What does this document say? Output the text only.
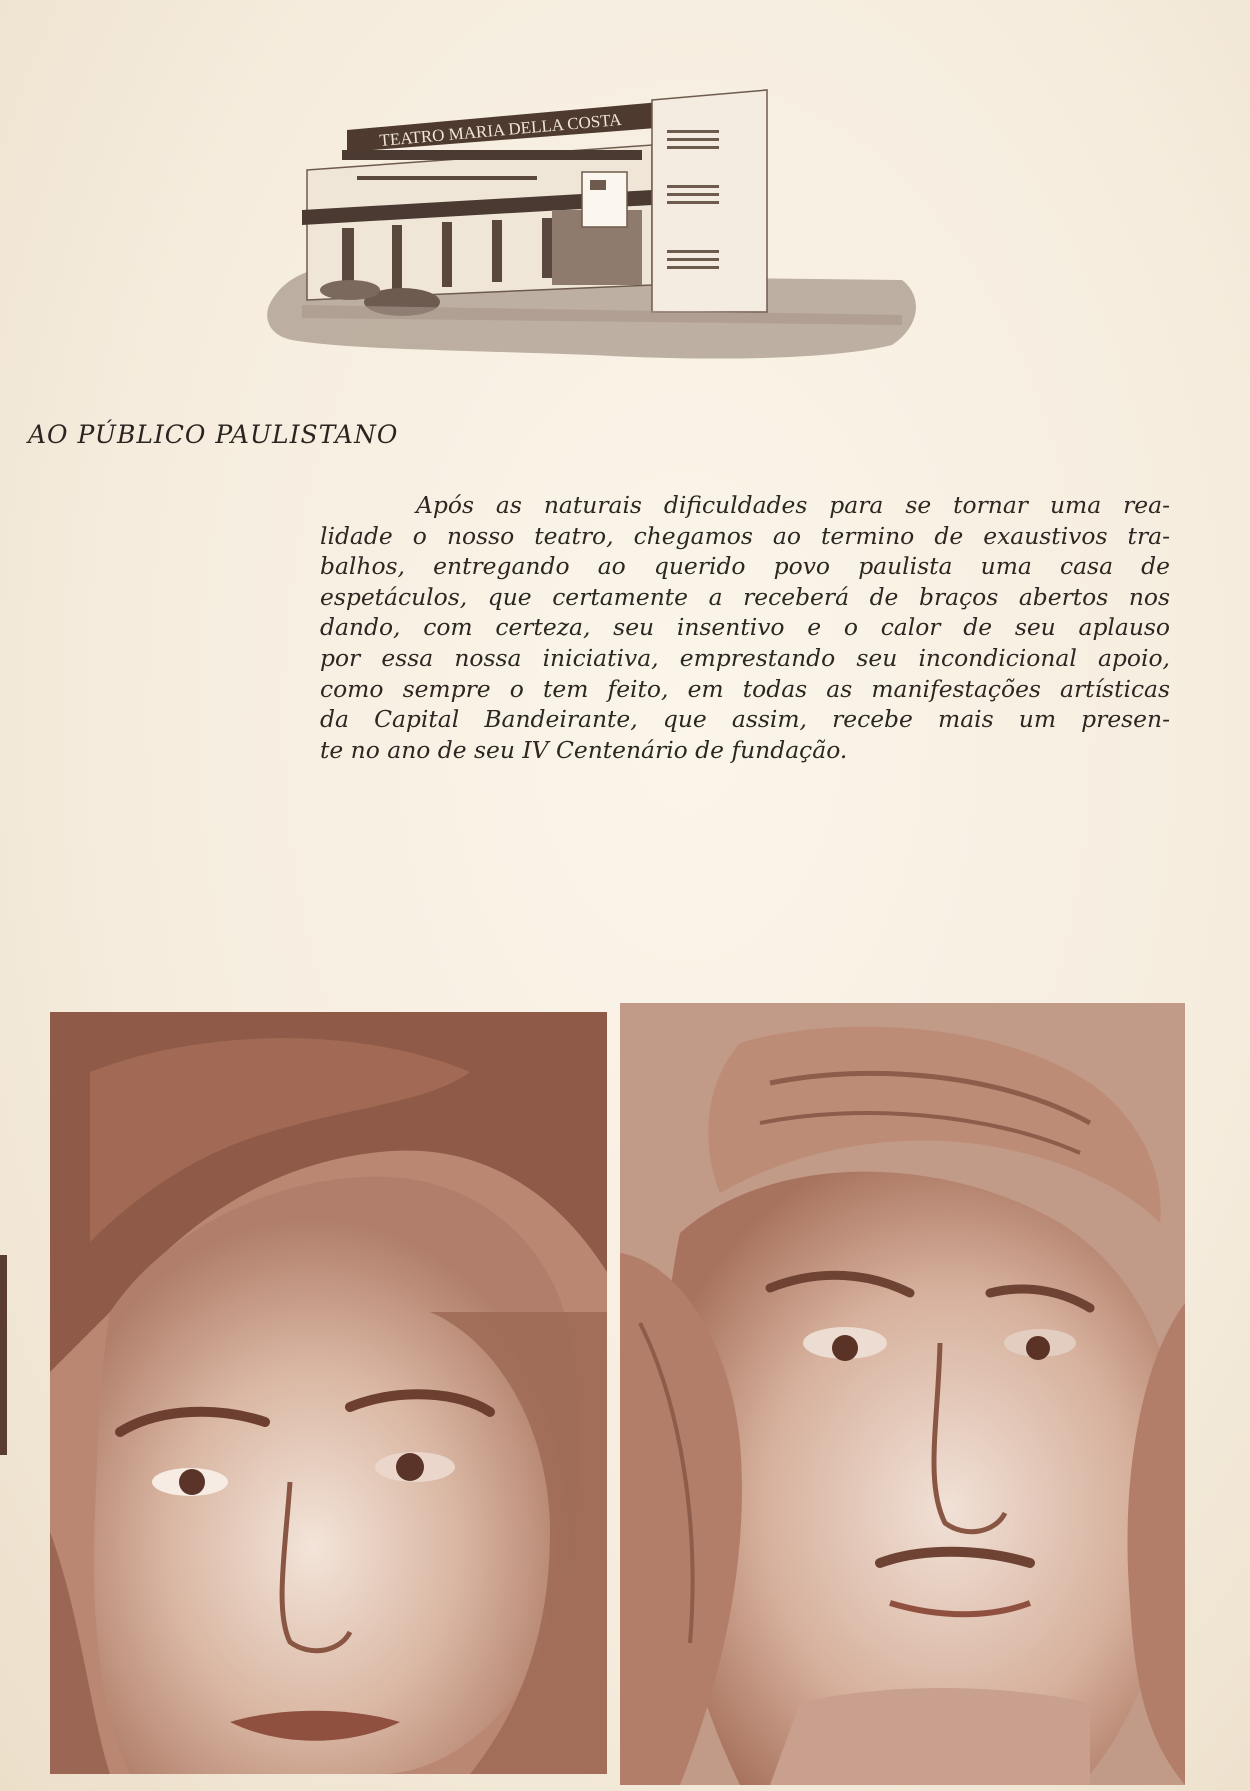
TEATRO MARIA DELLA COSTA
AO PÚBLICO PAULISTANO
Após as naturais dificuldades para se tornar uma rea-
lidade o nosso teatro, chegamos ao termino de exaustivos tra-
balhos, entregando ao querido povo paulista uma casa de
espetáculos, que certamente a receberá de braços abertos nos
dando, com certeza, seu insentivo e o calor de seu aplauso
por essa nossa iniciativa, emprestando seu incondicional apoio,
como sempre o tem feito, em todas as manifestações artísticas
da Capital Bandeirante, que assim, recebe mais um presen-
te no ano de seu IV Centenário de fundação.
